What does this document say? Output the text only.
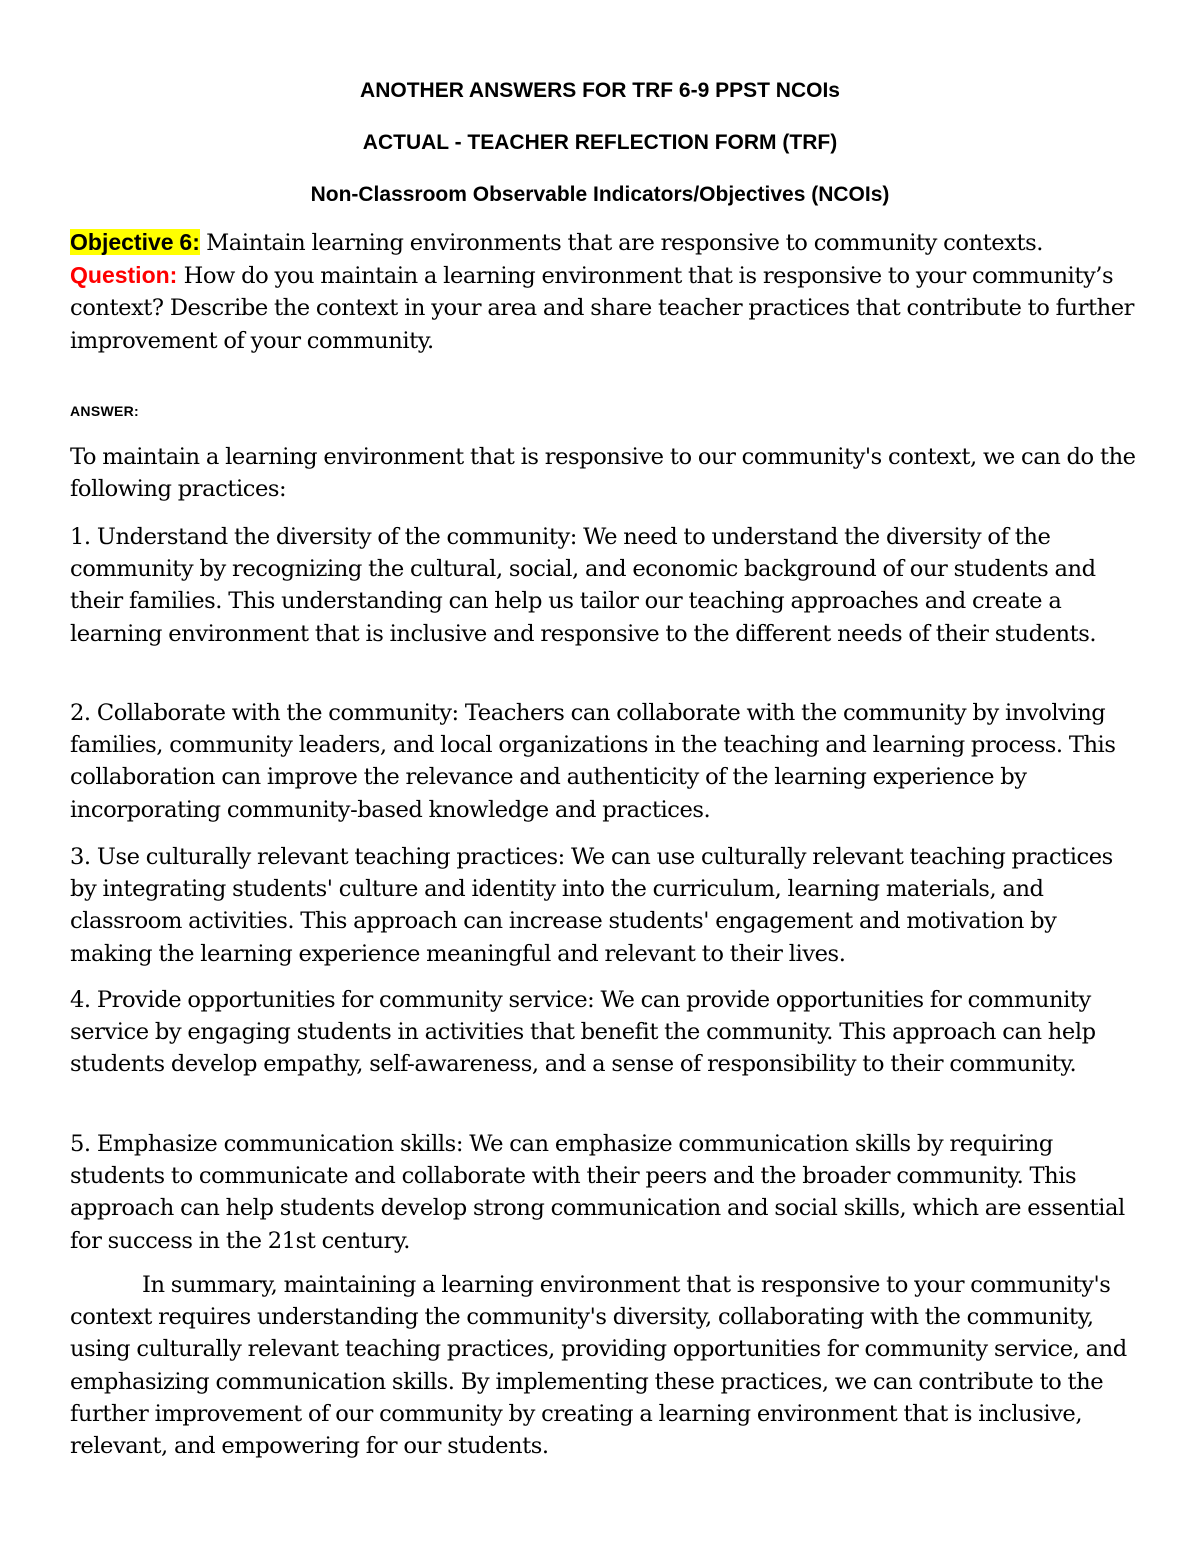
ANOTHER ANSWERS FOR TRF 6-9 PPST NCOIs
ACTUAL - TEACHER REFLECTION FORM (TRF)
Non-Classroom Observable Indicators/Objectives (NCOIs)

Objective 6: Maintain learning environments that are responsive to community contexts.
Question: How do you maintain a learning environment that is responsive to your community’s context? Describe the context in your area and share teacher practices that contribute to further improvement of your community.

ANSWER:

To maintain a learning environment that is responsive to our community's context, we can do the following practices:

1. Understand the diversity of the community: We need to understand the diversity of the community by recognizing the cultural, social, and economic background of our students and their families. This understanding can help us tailor our teaching approaches and create a learning environment that is inclusive and responsive to the different needs of their students.

2. Collaborate with the community: Teachers can collaborate with the community by involving families, community leaders, and local organizations in the teaching and learning process. This collaboration can improve the relevance and authenticity of the learning experience by incorporating community-based knowledge and practices.

3. Use culturally relevant teaching practices: We can use culturally relevant teaching practices by integrating students' culture and identity into the curriculum, learning materials, and classroom activities. This approach can increase students' engagement and motivation by making the learning experience meaningful and relevant to their lives.

4. Provide opportunities for community service: We can provide opportunities for community service by engaging students in activities that benefit the community. This approach can help students develop empathy, self-awareness, and a sense of responsibility to their community.

5. Emphasize communication skills: We can emphasize communication skills by requiring students to communicate and collaborate with their peers and the broader community. This approach can help students develop strong communication and social skills, which are essential for success in the 21st century.

In summary, maintaining a learning environment that is responsive to your community's context requires understanding the community's diversity, collaborating with the community, using culturally relevant teaching practices, providing opportunities for community service, and emphasizing communication skills. By implementing these practices, we can contribute to the further improvement of our community by creating a learning environment that is inclusive, relevant, and empowering for our students.
